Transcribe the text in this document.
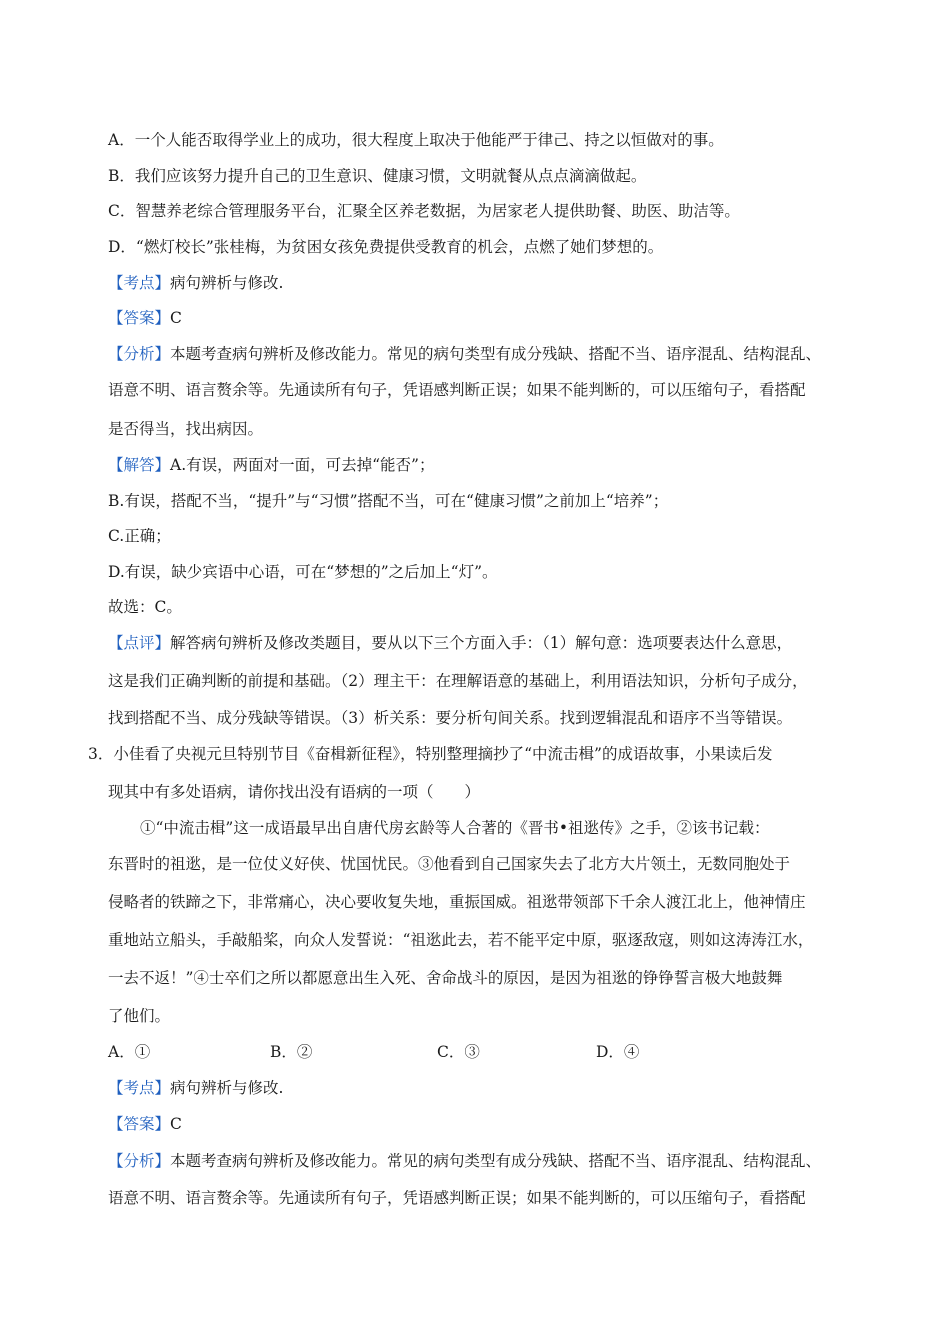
A．一个人能否取得学业上的成功，很大程度上取决于他能严于律己、持之以恒做对的事。
B．我们应该努力提升自己的卫生意识、健康习惯，文明就餐从点点滴滴做起。
C．智慧养老综合管理服务平台，汇聚全区养老数据，为居家老人提供助餐、助医、助洁等。
D．“燃灯校长”张桂梅，为贫困女孩免费提供受教育的机会，点燃了她们梦想的。
【考点】病句辨析与修改.
【答案】C
【分析】本题考查病句辨析及修改能力。常见的病句类型有成分残缺、搭配不当、语序混乱、结构混乱、
语意不明、语言赘余等。先通读所有句子，凭语感判断正误；如果不能判断的，可以压缩句子，看搭配
是否得当，找出病因。
【解答】A.有误，两面对一面，可去掉“能否”；
B.有误，搭配不当，“提升”与“习惯”搭配不当，可在“健康习惯”之前加上“培养”；
C.正确；
D.有误，缺少宾语中心语，可在“梦想的”之后加上“灯”。
故选：C。
【点评】解答病句辨析及修改类题目，要从以下三个方面入手：（1）解句意：选项要表达什么意思，
这是我们正确判断的前提和基础。（2）理主干：在理解语意的基础上，利用语法知识，分析句子成分，
找到搭配不当、成分残缺等错误。（3）析关系：要分析句间关系。找到逻辑混乱和语序不当等错误。
3．小佳看了央视元旦特别节目《奋楫新征程》，特别整理摘抄了“中流击楫”的成语故事，小果读后发
现其中有多处语病，请你找出没有语病的一项（　　）
①“中流击楫”这一成语最早出自唐代房玄龄等人合著的《晋书•祖逖传》之手，②该书记载：
东晋时的祖逖，是一位仗义好侠、忧国忧民。③他看到自己国家失去了北方大片领土，无数同胞处于
侵略者的铁蹄之下，非常痛心，决心要收复失地，重振国威。祖逖带领部下千余人渡江北上，他神情庄
重地站立船头，手敲船桨，向众人发誓说：“祖逖此去，若不能平定中原，驱逐敌寇，则如这涛涛江水，
一去不返！”④士卒们之所以都愿意出生入死、舍命战斗的原因，是因为祖逖的铮铮誓言极大地鼓舞
了他们。
A．①	B．②	C．③	D．④
【考点】病句辨析与修改.
【答案】C
【分析】本题考查病句辨析及修改能力。常见的病句类型有成分残缺、搭配不当、语序混乱、结构混乱、
语意不明、语言赘余等。先通读所有句子，凭语感判断正误；如果不能判断的，可以压缩句子，看搭配
